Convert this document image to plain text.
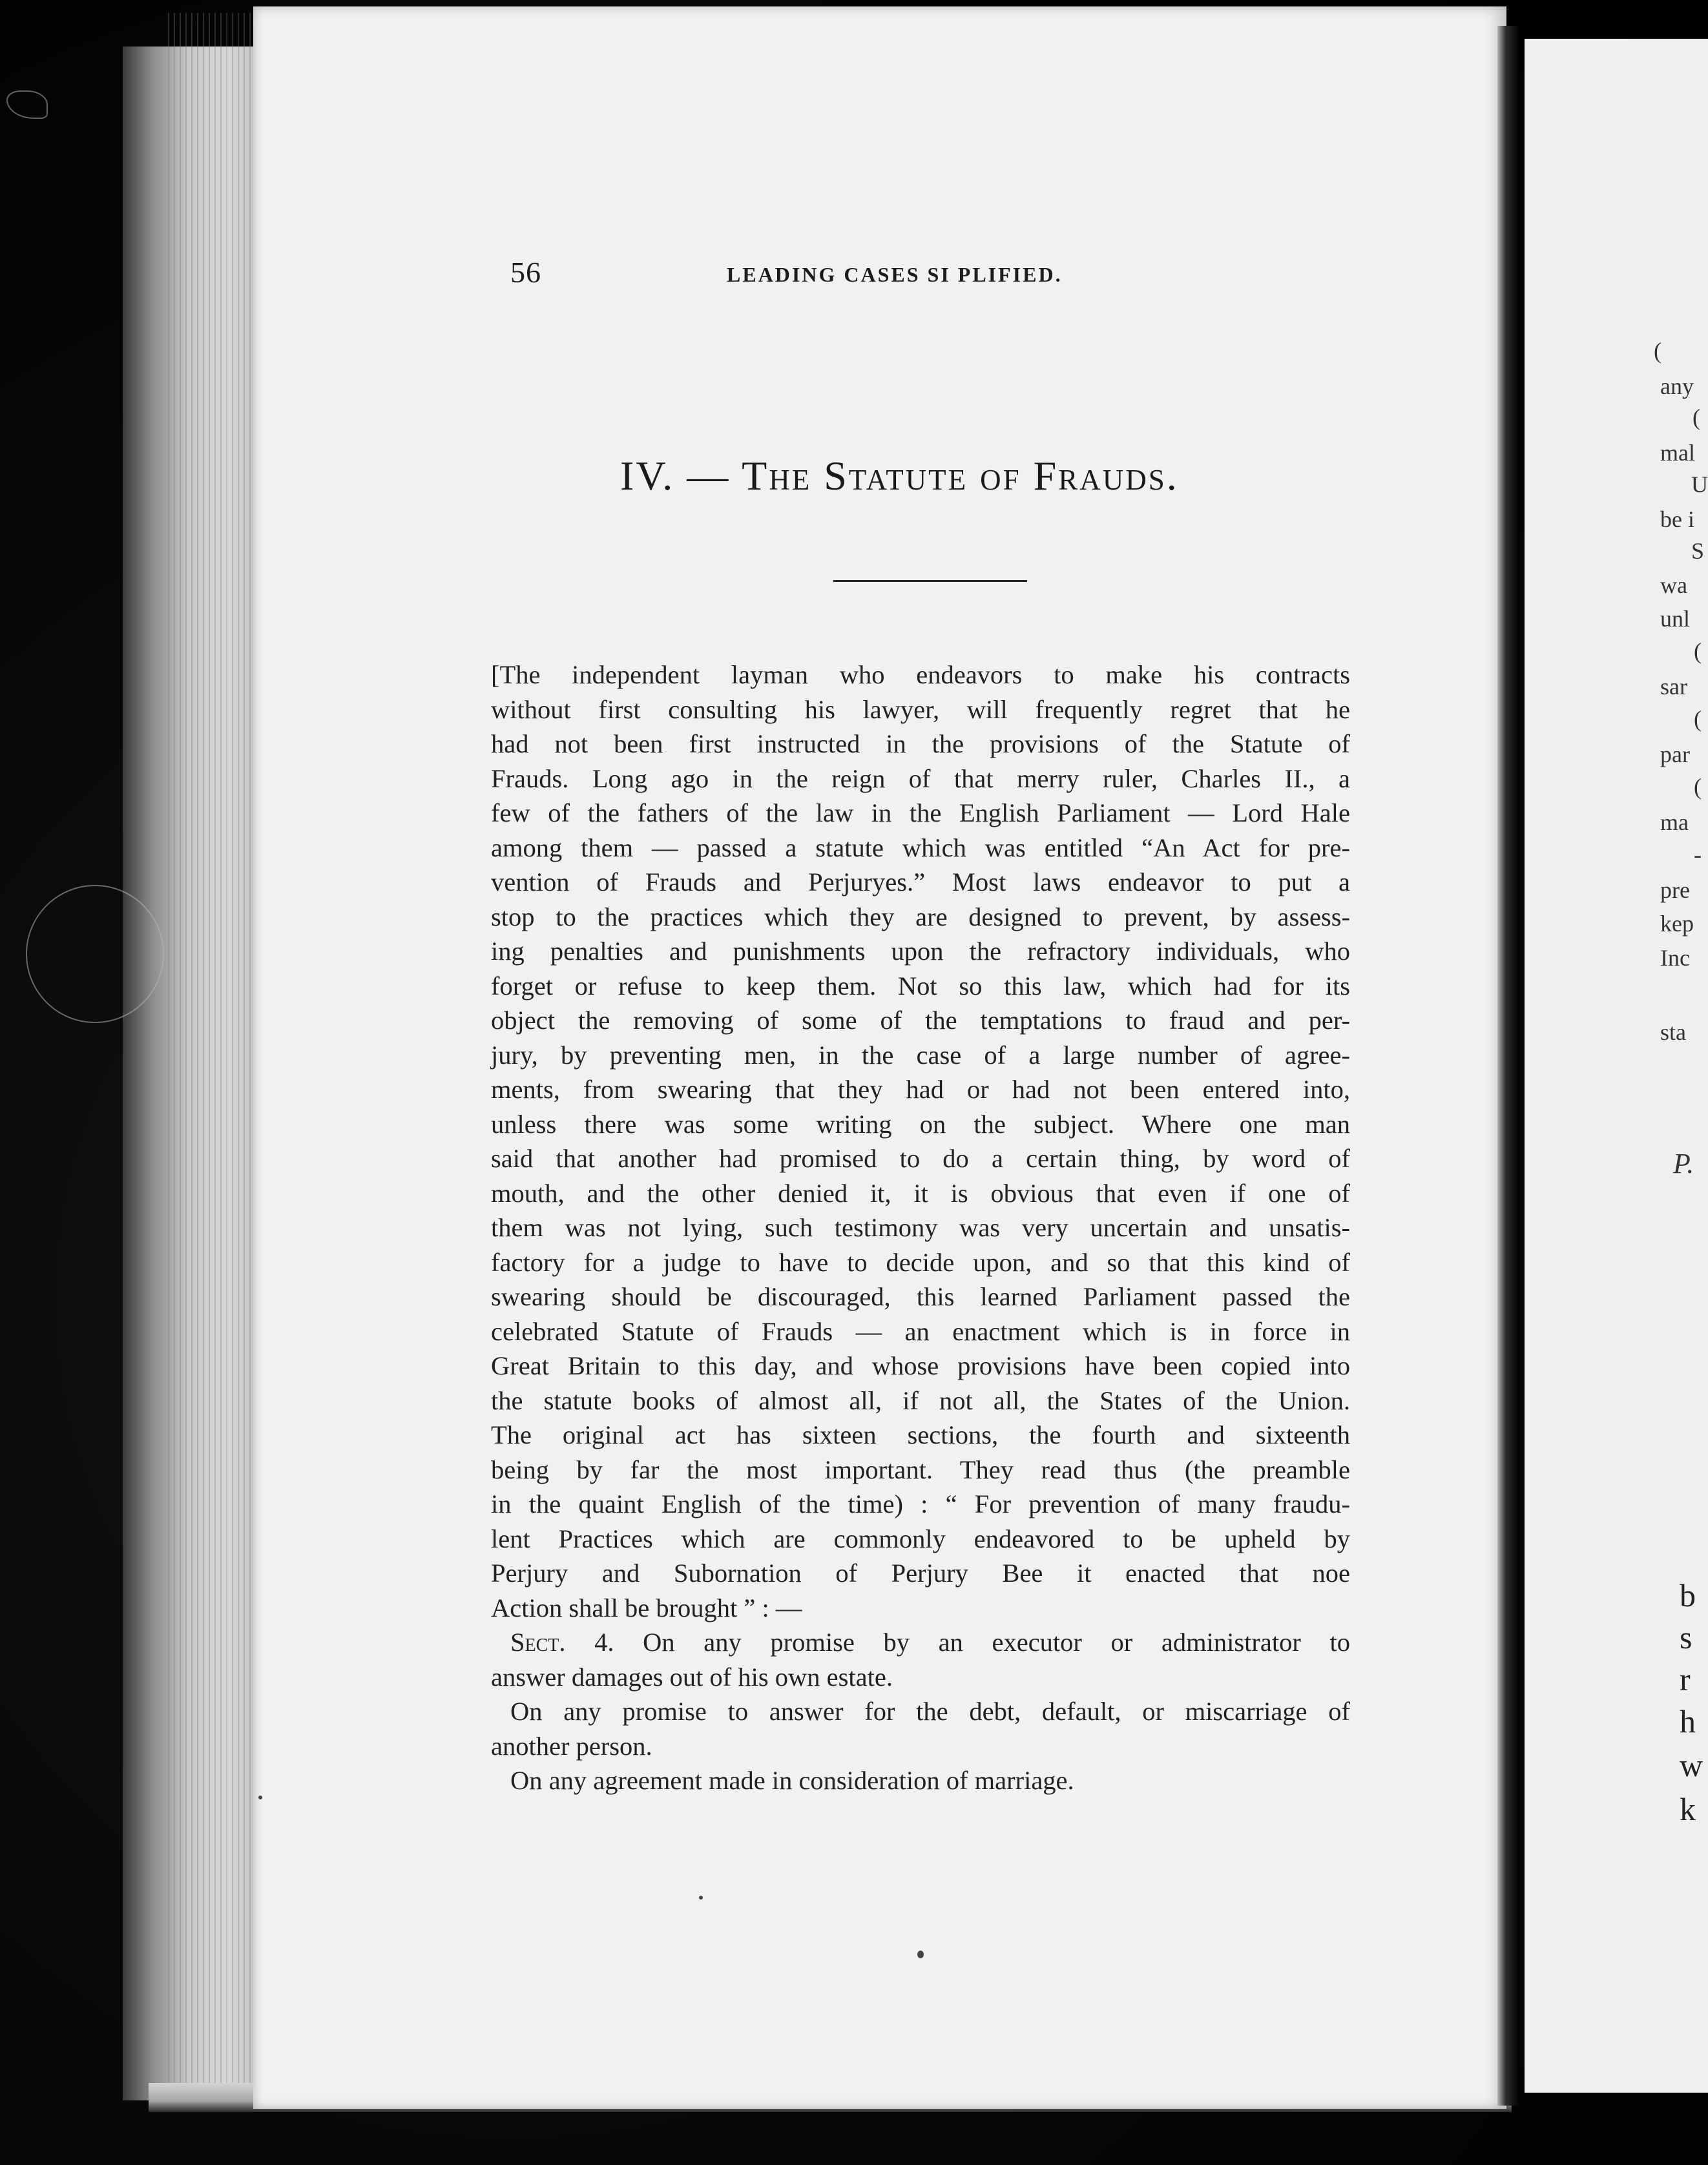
(
any
(
mal
U
be i
S
wa
unl
(
sar
(
par
(
ma
-
pre
kep
Inc
sta
P.
b
s
r
h
w
k
56	LEADING CASES SI PLIFIED.
IV. — The Statute of Frauds.
[The independent layman who endeavors to make his contracts
without first consulting his lawyer, will frequently regret that he
had not been first instructed in the provisions of the Statute of
Frauds. Long ago in the reign of that merry ruler, Charles II., a
few of the fathers of the law in the English Parliament — Lord Hale
among them — passed a statute which was entitled “An Act for pre-
vention of Frauds and Perjuryes.” Most laws endeavor to put a
stop to the practices which they are designed to prevent, by assess-
ing penalties and punishments upon the refractory individuals, who
forget or refuse to keep them. Not so this law, which had for its
object the removing of some of the temptations to fraud and per-
jury, by preventing men, in the case of a large number of agree-
ments, from swearing that they had or had not been entered into,
unless there was some writing on the subject. Where one man
said that another had promised to do a certain thing, by word of
mouth, and the other denied it, it is obvious that even if one of
them was not lying, such testimony was very uncertain and unsatis-
factory for a judge to have to decide upon, and so that this kind of
swearing should be discouraged, this learned Parliament passed the
celebrated Statute of Frauds — an enactment which is in force in
Great Britain to this day, and whose provisions have been copied into
the statute books of almost all, if not all, the States of the Union.
The original act has sixteen sections, the fourth and sixteenth
being by far the most important. They read thus (the preamble
in the quaint English of the time) : “ For prevention of many fraudu-
lent Practices which are commonly endeavored to be upheld by
Perjury and Subornation of Perjury Bee it enacted that noe
Action shall be brought ” : —
Sect. 4. On any promise by an executor or administrator to
answer damages out of his own estate.
On any promise to answer for the debt, default, or miscarriage of
another person.
On any agreement made in consideration of marriage.
